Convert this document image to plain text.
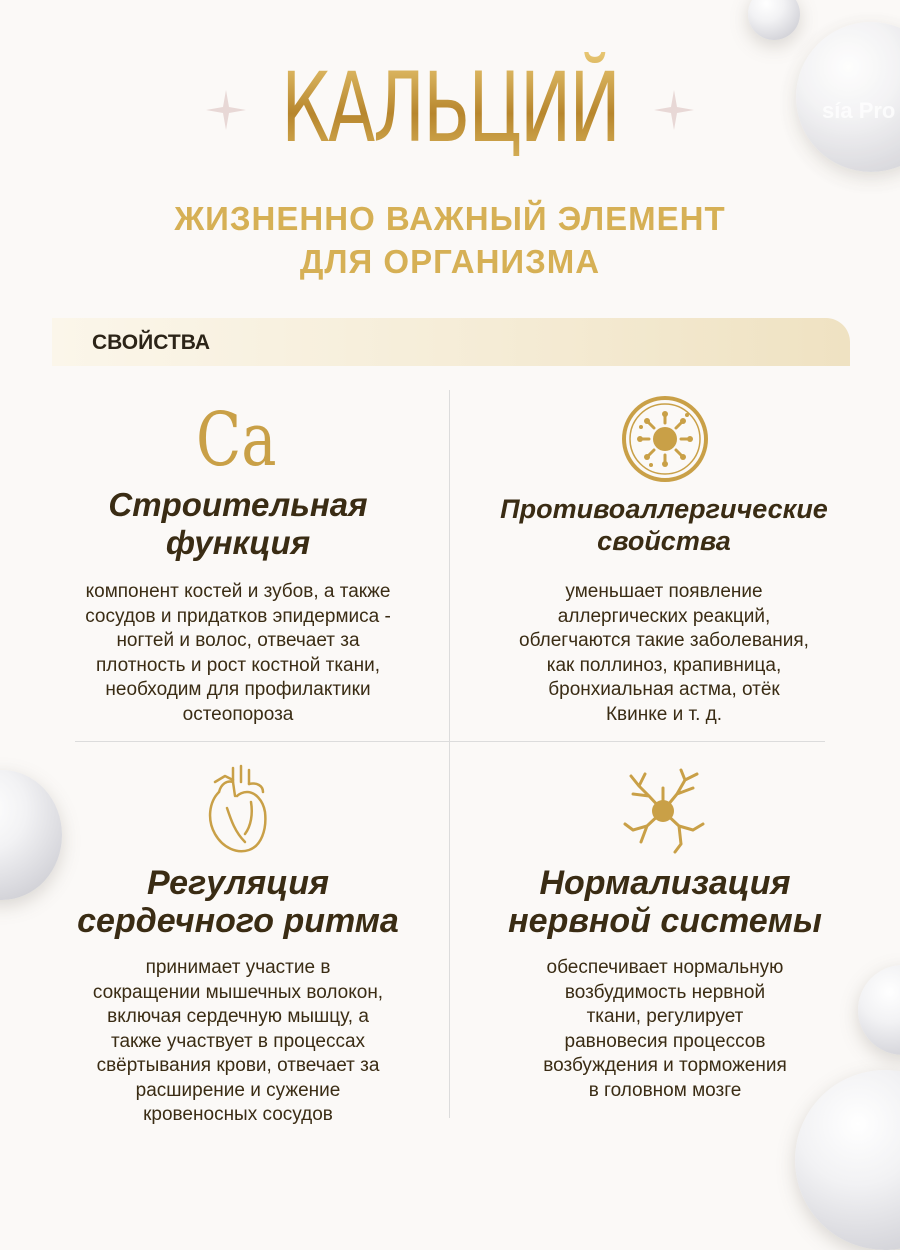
sía Pro
КАЛЬЦИЙ
ЖИЗНЕННО ВАЖНЫЙ ЭЛЕМЕНТ
ДЛЯ ОРГАНИЗМА
СВОЙСТВА
Ca
Строительная
функция

компонент костей и зубов, а также
сосудов и придатков эпидермиса -
ногтей и волос, отвечает за
плотность и рост костной ткани,
необходим для профилактики
остеопороза

Противоаллергические
свойства

уменьшает появление
аллергических реакций,
облегчаются такие заболевания,
как поллиноз, крапивница,
бронхиальная астма, отёк
Квинке и т. д.

Регуляция
сердечного ритма

принимает участие в
сокращении мышечных волокон,
включая сердечную мышцу, а
также участвует в процессах
свёртывания крови, отвечает за
расширение и сужение
кровеносных сосудов

Нормализация
нервной системы

обеспечивает нормальную
возбудимость нервной
ткани, регулирует
равновесия процессов
возбуждения и торможения
в головном мозге
